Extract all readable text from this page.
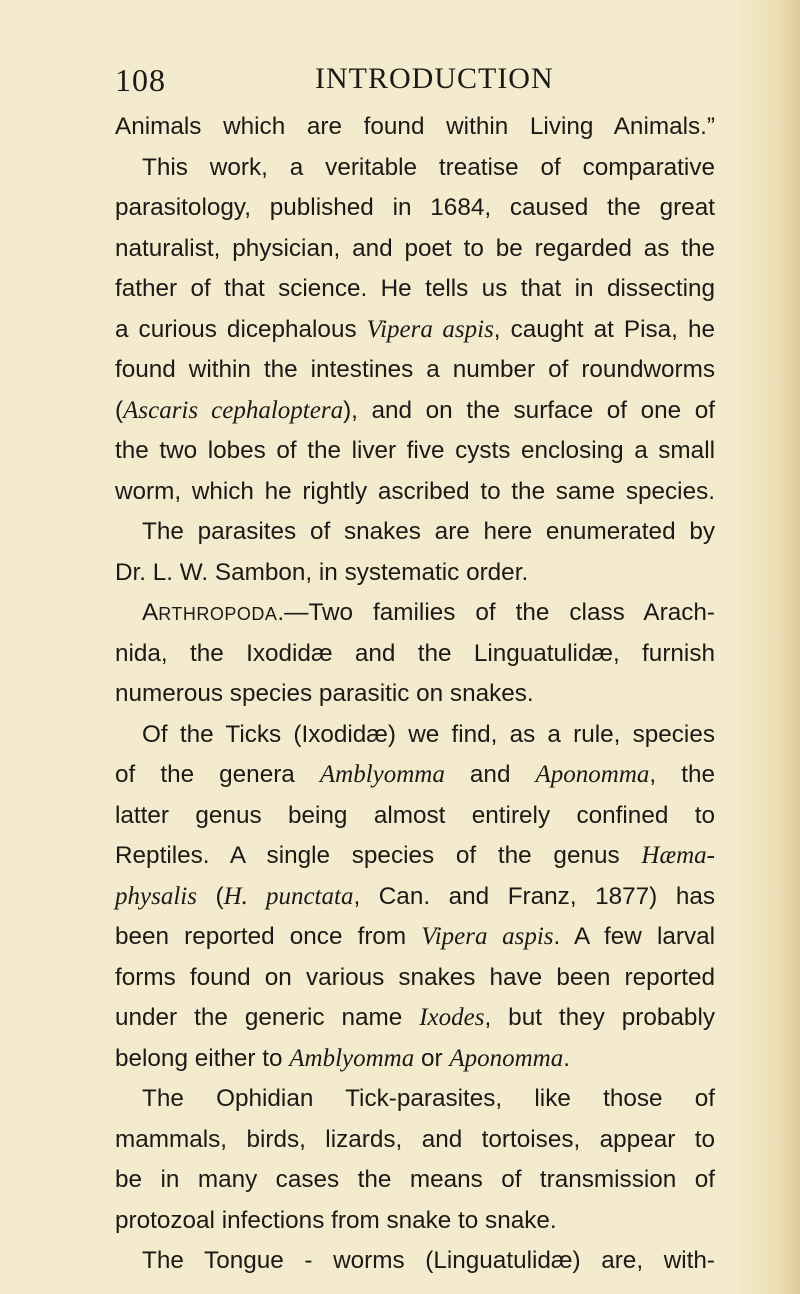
108	INTRODUCTION
Animals which are found within Living Animals.”
This work, a veritable treatise of comparative
parasitology, published in 1684, caused the great
naturalist, physician, and poet to be regarded as the
father of that science. He tells us that in dissecting
a curious dicephalous Vipera aspis, caught at Pisa, he
found within the intestines a number of roundworms
(Ascaris cephaloptera), and on the surface of one of
the two lobes of the liver five cysts enclosing a small
worm, which he rightly ascribed to the same species.
The parasites of snakes are here enumerated by
Dr. L. W. Sambon, in systematic order.
ARTHROPODA.—Two families of the class Arach-
nida, the Ixodidæ and the Linguatulidæ, furnish
numerous species parasitic on snakes.
Of the Ticks (Ixodidæ) we find, as a rule, species
of the genera Amblyomma and Aponomma, the
latter genus being almost entirely confined to
Reptiles. A single species of the genus Hæma-
physalis (H. punctata, Can. and Franz, 1877) has
been reported once from Vipera aspis. A few larval
forms found on various snakes have been reported
under the generic name Ixodes, but they probably
belong either to Amblyomma or Aponomma.
The Ophidian Tick-parasites, like those of
mammals, birds, lizards, and tortoises, appear to
be in many cases the means of transmission of
protozoal infections from snake to snake.
The Tongue - worms (Linguatulidæ) are, with-
